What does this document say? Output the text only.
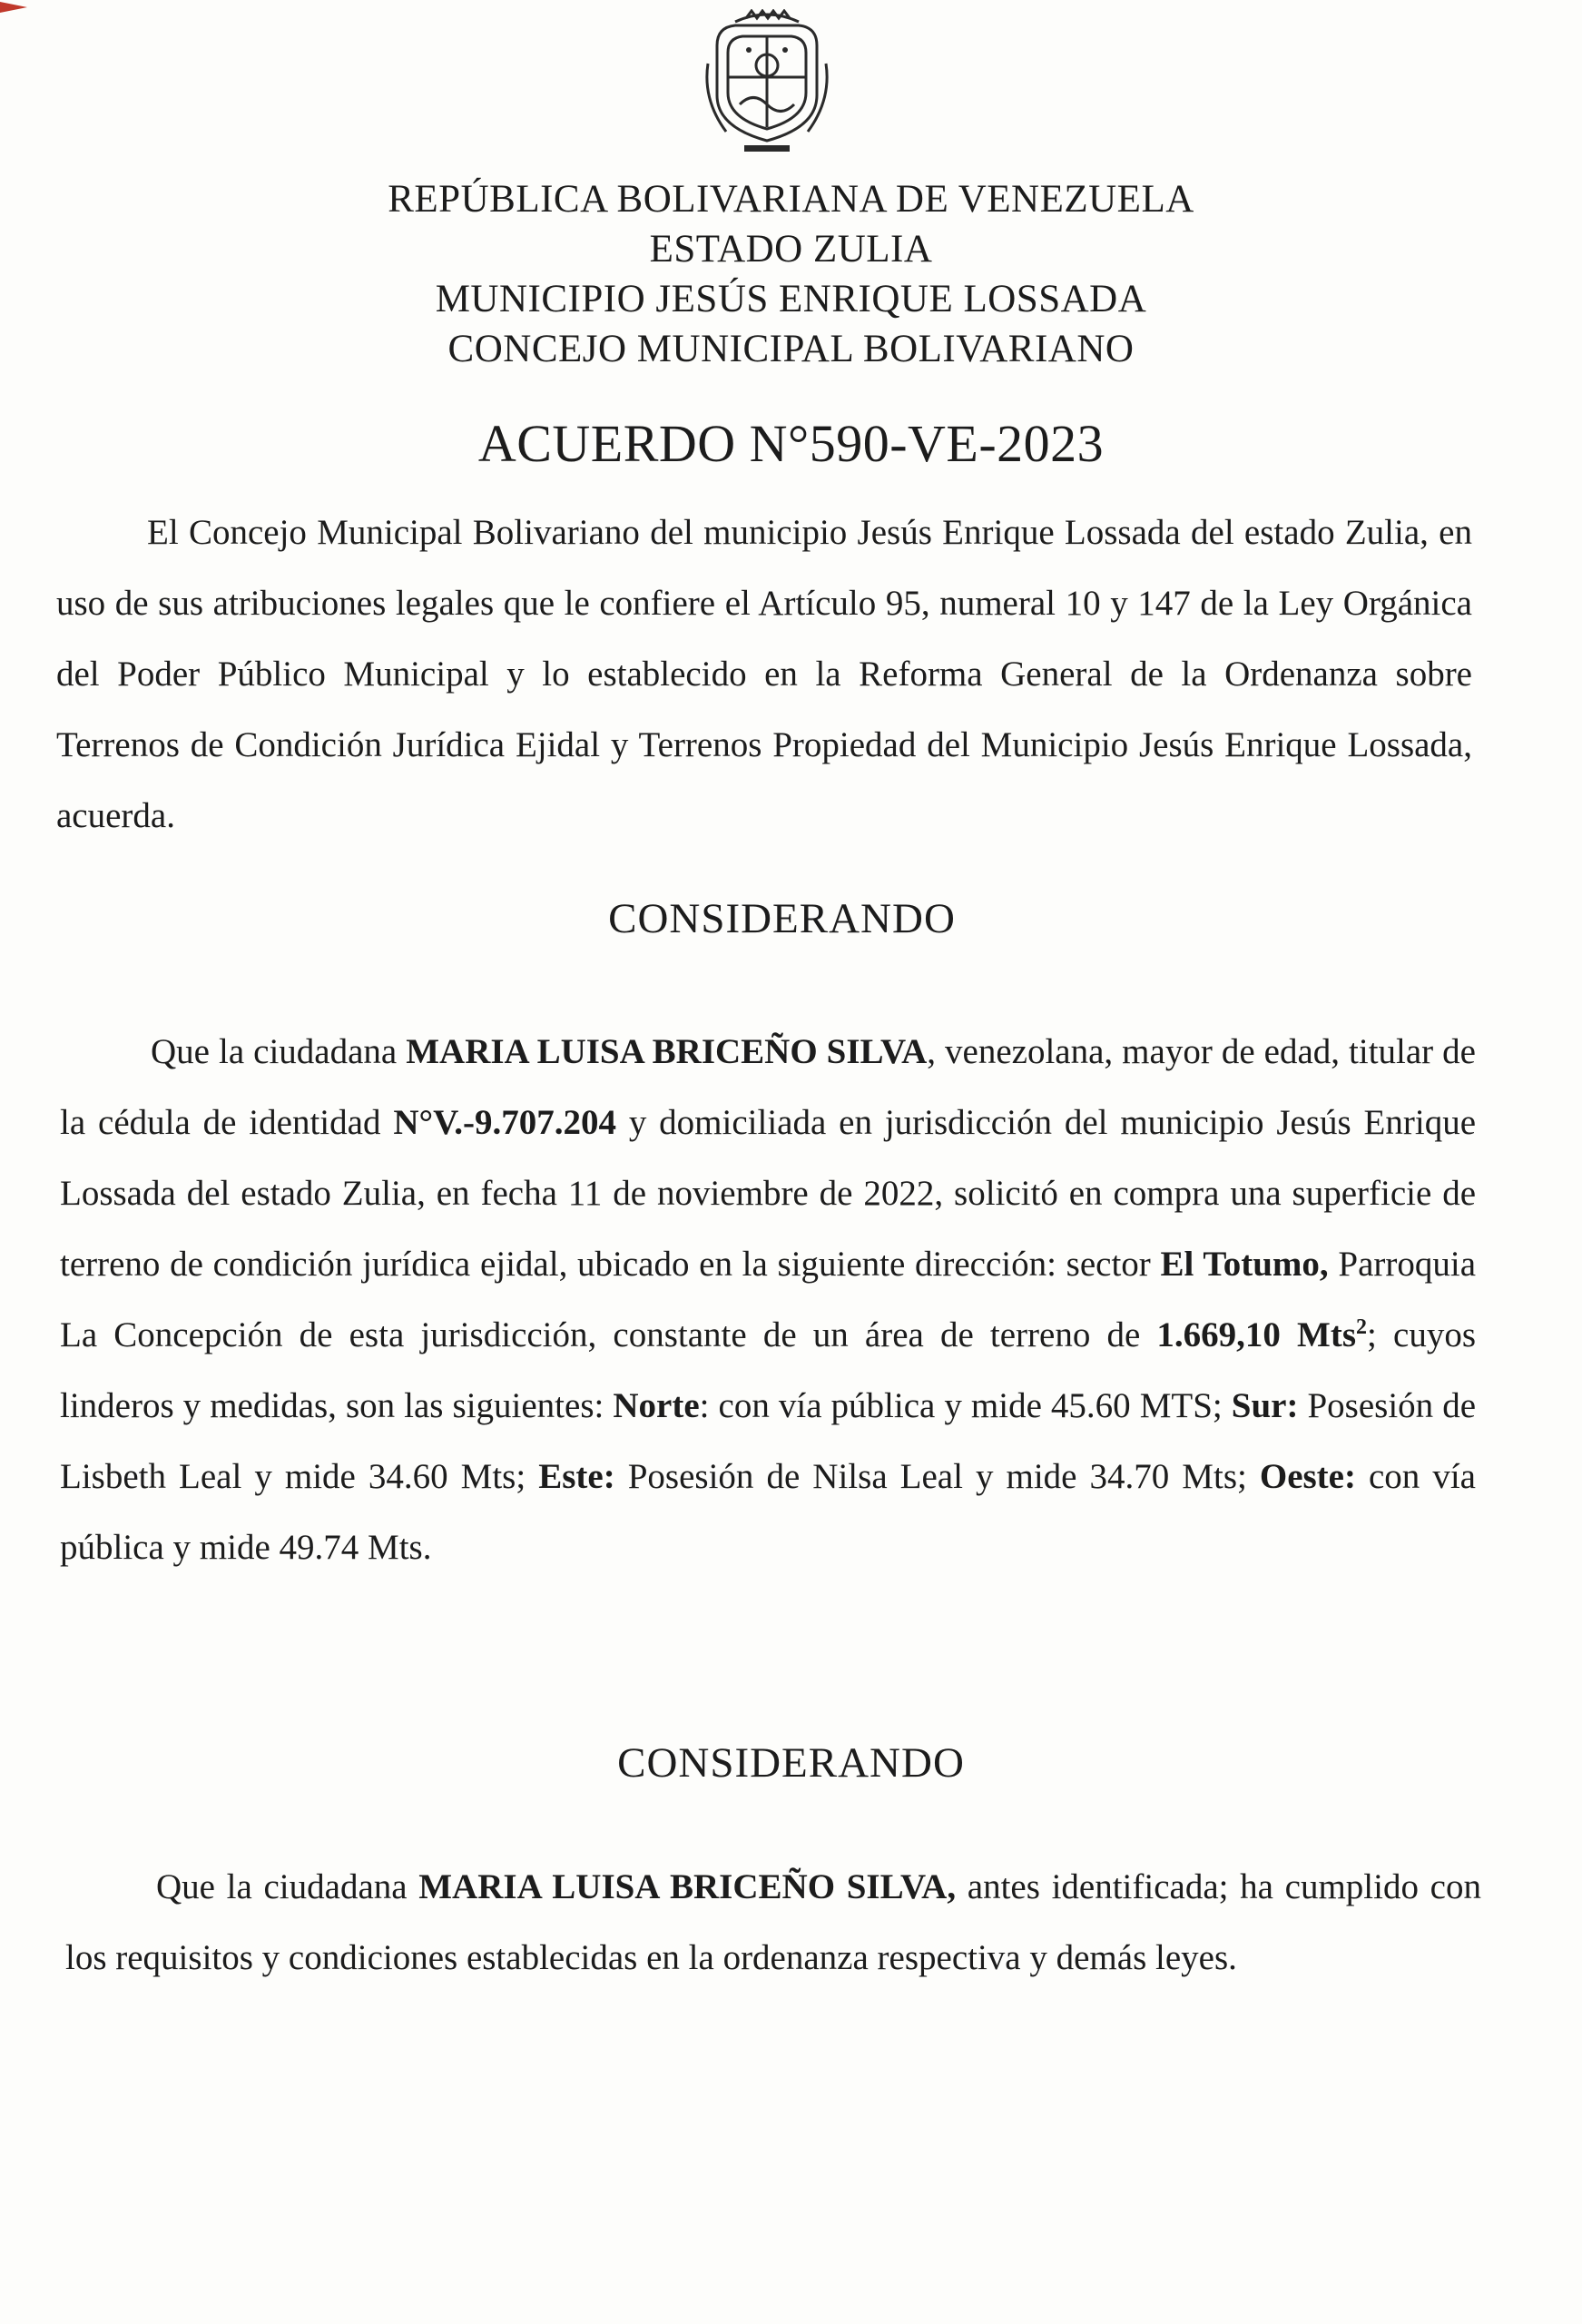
REPÚBLICA BOLIVARIANA DE VENEZUELA
ESTADO ZULIA
MUNICIPIO JESÚS ENRIQUE LOSSADA
CONCEJO MUNICIPAL BOLIVARIANO
ACUERDO N°590-VE-2023

El Concejo Municipal Bolivariano del municipio Jesús Enrique Lossada del estado Zulia, en uso de sus atribuciones legales que le confiere el Artículo 95, numeral 10 y 147 de la Ley Orgánica del Poder Público Municipal y lo establecido en la Reforma General de la Ordenanza sobre Terrenos de Condición Jurídica Ejidal y Terrenos Propiedad del Municipio Jesús Enrique Lossada, acuerda.

CONSIDERANDO

Que la ciudadana MARIA LUISA BRICEÑO SILVA, venezolana, mayor de edad, titular de la cédula de identidad N°V.-9.707.204 y domiciliada en jurisdicción del municipio Jesús Enrique Lossada del estado Zulia, en fecha 11 de noviembre de 2022, solicitó en compra una superficie de terreno de condición jurídica ejidal, ubicado en la siguiente dirección: sector El Totumo, Parroquia La Concepción de esta jurisdicción, constante de un área de terreno de 1.669,10 Mts$^2$; cuyos linderos y medidas, son las siguientes: Norte: con vía pública y mide 45.60 MTS; Sur: Posesión de Lisbeth Leal y mide 34.60 Mts; Este: Posesión de Nilsa Leal y mide 34.70 Mts; Oeste: con vía pública y mide 49.74 Mts.

CONSIDERANDO

Que la ciudadana MARIA LUISA BRICEÑO SILVA, antes identificada; ha cumplido con los requisitos y condiciones establecidas en la ordenanza respectiva y demás leyes.
